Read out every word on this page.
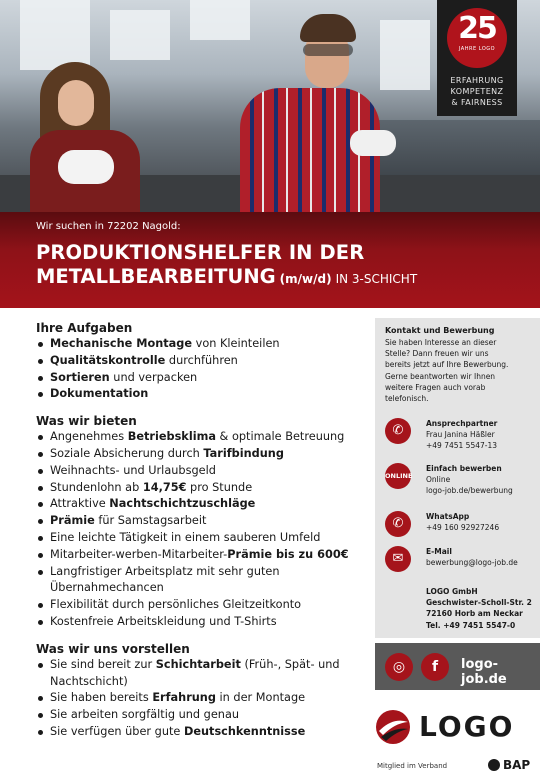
25
JAHRE LOGO
ERFAHRUNG
KOMPETENZ
& FAIRNESS
Wir suchen in 72202 Nagold:
PRODUKTIONSHELFER IN DER
METALLBEARBEITUNG (m/w/d) IN 3-SCHICHT

Ihre Aufgaben

Mechanische Montage von Kleinteilen
Qualitätskontrolle durchführen
Sortieren und verpacken
Dokumentation

Was wir bieten

Angenehmes Betriebsklima & optimale Betreuung
Soziale Absicherung durch Tarifbindung
Weihnachts- und Urlaubsgeld
Stundenlohn ab 14,75€ pro Stunde
Attraktive Nachtschichtzuschläge
Prämie für Samstagsarbeit
Eine leichte Tätigkeit in einem sauberen Umfeld
Mitarbeiter-werben-Mitarbeiter-Prämie bis zu 600€
Langfristiger Arbeitsplatz mit sehr guten Übernahmechancen
Flexibilität durch persönliches Gleitzeitkonto
Kostenfreie Arbeitskleidung und T-Shirts

Was wir uns vorstellen

Sie sind bereit zur Schichtarbeit (Früh-, Spät- und Nachtschicht)
Sie haben bereits Erfahrung in der Montage
Sie arbeiten sorgfältig und genau
Sie verfügen über gute Deutschkenntnisse
Kontakt und Bewerbung
Sie haben Interesse an dieser Stelle? Dann freuen wir uns bereits jetzt auf Ihre Bewerbung. Gerne beantworten wir Ihnen weitere Fragen auch vorab telefonisch.
✆	Ansprechpartner
Frau Janina Häßler
+49 7451 5547-13
ONLINE
Einfach bewerben
Online
logo-job.de/bewerbung
✆	WhatsApp
+49 160 92927246
✉	E-Mail
bewerbung@logo-job.de
LOGO GmbH
Geschwister-Scholl-Str. 2
72160 Horb am Neckar
Tel. +49 7451 5547-0
◎	f	logo-job.de
LOGO
Mitglied im Verband	BAP
